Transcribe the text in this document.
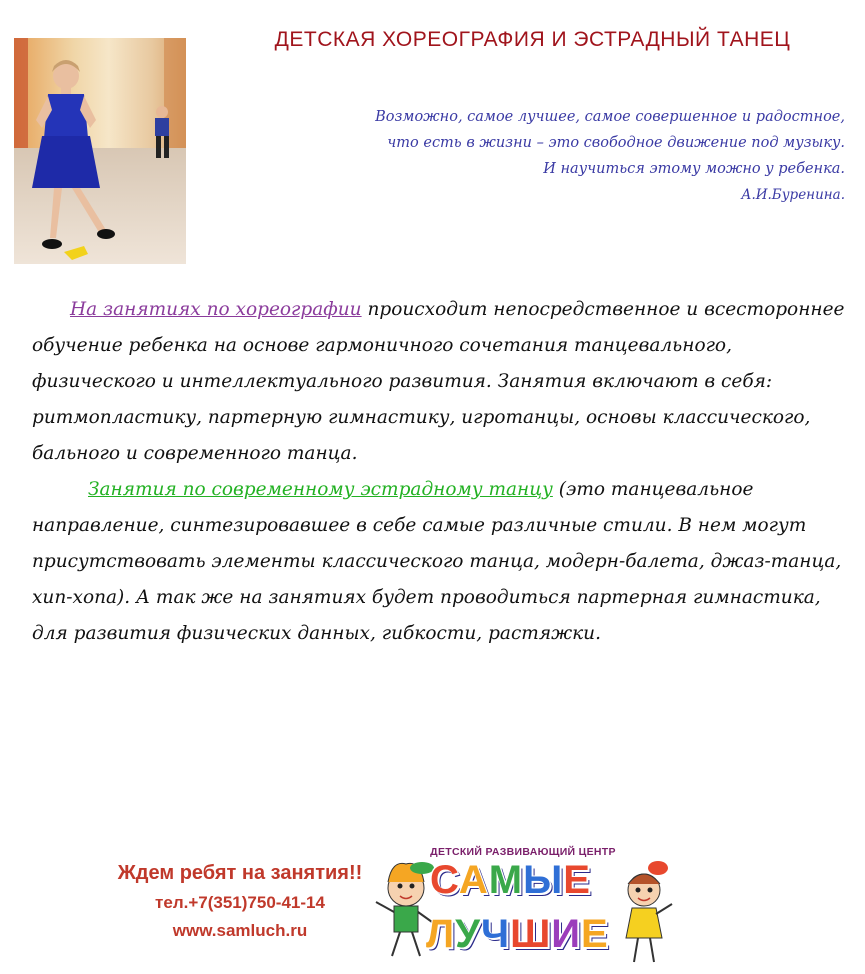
ДЕТСКАЯ ХОРЕОГРАФИЯ И ЭСТРАДНЫЙ ТАНЕЦ

Возможно, самое лучшее, самое совершенное и радостное,

что есть в жизни – это свободное движение под музыку.

И научиться этому можно у ребенка.

А.И.Буренина.

На занятиях по хореографии происходит непосредственное и всестороннее обучение ребенка на основе гармоничного сочетания танцевального, физического и интеллектуального развития. Занятия включают в себя: ритмопластику, партерную гимнастику, игротанцы, основы классического, бального и современного танца.

Занятия по современному эстрадному танцу (это танцевальное направление, синтезировавшее в себе самые различные стили. В нем могут присутствовать элементы классического танца, модерн-балета, джаз-танца, хип-хопа). А так же на занятиях будет проводиться партерная гимнастика, для развития физических данных, гибкости, растяжки.

Ждем ребят на занятия!!
тел.+7(351)750-41-14
www.samluch.ru
ДЕТСКИЙ РАЗВИВАЮЩИЙ ЦЕНТР
САМЫЕ
ЛУЧШИЕ
